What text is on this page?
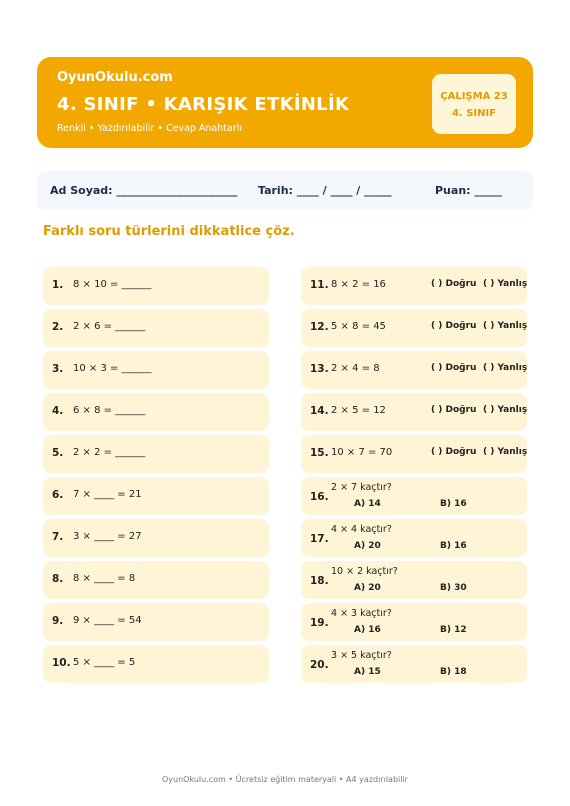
OyunOkulu.com
4. SINIF • KARIŞIK ETKİNLİK
Renkli • Yazdırılabilir • Cevap Anahtarlı
ÇALIŞMA 23
4. SINIF
Ad Soyad: ______________________ Tarih: ____ / ____ / _____	Puan: _____
Farklı soru türlerini dikkatlice çöz.
1. 8 × 10 = ______
2. 2 × 6 = ______
3. 10 × 3 = ______
4. 6 × 8 = ______
5. 2 × 2 = ______
6. 7 × ____ = 21
7. 3 × ____ = 27
8. 8 × ____ = 8
9. 9 × ____ = 54
10. 5 × ____ = 5
11. 8 × 2 = 16	( ) Doğru ( ) Yanlış
12. 5 × 8 = 45	( ) Doğru ( ) Yanlış
13. 2 × 4 = 8	( ) Doğru ( ) Yanlış
14. 2 × 5 = 12	( ) Doğru ( ) Yanlış
15. 10 × 7 = 70	( ) Doğru ( ) Yanlış
16.
2 × 7 kaçtır?
A) 14	B) 16
17.
4 × 4 kaçtır?
A) 20	B) 16
18.
10 × 2 kaçtır?
A) 20	B) 30
19.
4 × 3 kaçtır?
A) 16	B) 12
20.
3 × 5 kaçtır?
A) 15	B) 18
OyunOkulu.com • Ücretsiz eğitim materyali • A4 yazdırılabilir
